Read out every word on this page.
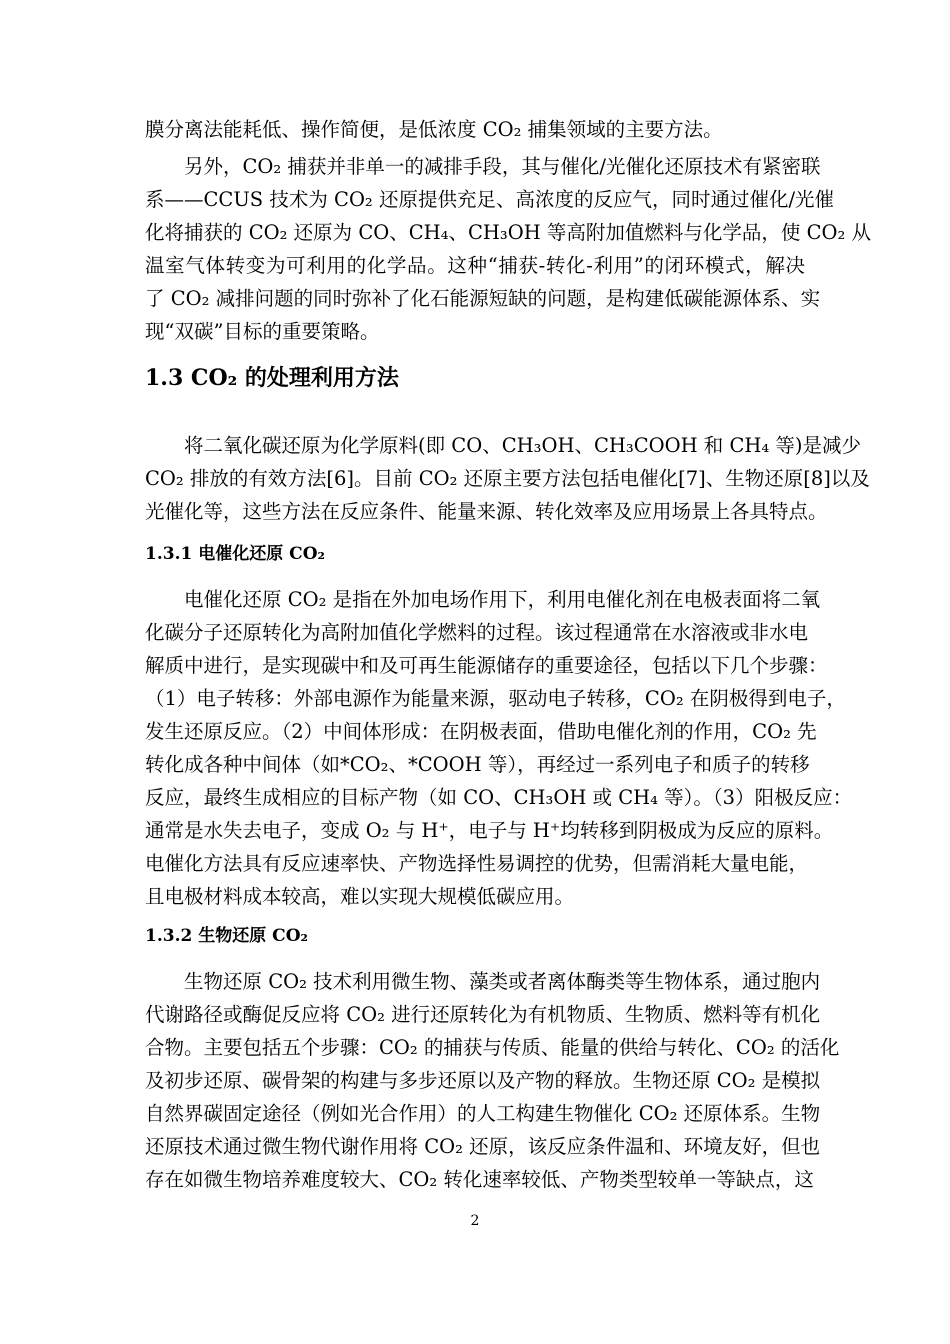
膜分离法能耗低、操作简便，是低浓度 CO₂ 捕集领域的主要方法。
另外，CO₂ 捕获并非单一的减排手段，其与催化/光催化还原技术有紧密联
系——CCUS 技术为 CO₂ 还原提供充足、高浓度的反应气，同时通过催化/光催
化将捕获的 CO₂ 还原为 CO、CH₄、CH₃OH 等高附加值燃料与化学品，使 CO₂ 从
温室气体转变为可利用的化学品。这种“捕获-转化-利用”的闭环模式，解决
了 CO₂ 减排问题的同时弥补了化石能源短缺的问题，是构建低碳能源体系、实
现“双碳”目标的重要策略。
1.3 CO₂ 的处理利用方法
将二氧化碳还原为化学原料(即 CO、CH₃OH、CH₃COOH 和 CH₄ 等)是减少
CO₂ 排放的有效方法[6]。目前 CO₂ 还原主要方法包括电催化[7]、生物还原[8]以及
光催化等，这些方法在反应条件、能量来源、转化效率及应用场景上各具特点。
1.3.1 电催化还原 CO₂
电催化还原 CO₂ 是指在外加电场作用下，利用电催化剂在电极表面将二氧
化碳分子还原转化为高附加值化学燃料的过程。该过程通常在水溶液或非水电
解质中进行，是实现碳中和及可再生能源储存的重要途径，包括以下几个步骤：
（1）电子转移：外部电源作为能量来源，驱动电子转移，CO₂ 在阴极得到电子，
发生还原反应。（2）中间体形成：在阴极表面，借助电催化剂的作用，CO₂ 先
转化成各种中间体（如*CO₂、*COOH 等），再经过一系列电子和质子的转移
反应，最终生成相应的目标产物（如 CO、CH₃OH 或 CH₄ 等）。（3）阳极反应：
通常是水失去电子，变成 O₂ 与 H⁺，电子与 H⁺均转移到阴极成为反应的原料。
电催化方法具有反应速率快、产物选择性易调控的优势，但需消耗大量电能，
且电极材料成本较高，难以实现大规模低碳应用。
1.3.2 生物还原 CO₂
生物还原 CO₂ 技术利用微生物、藻类或者离体酶类等生物体系，通过胞内
代谢路径或酶促反应将 CO₂ 进行还原转化为有机物质、生物质、燃料等有机化
合物。主要包括五个步骤：CO₂ 的捕获与传质、能量的供给与转化、CO₂ 的活化
及初步还原、碳骨架的构建与多步还原以及产物的释放。生物还原 CO₂ 是模拟
自然界碳固定途径（例如光合作用）的人工构建生物催化 CO₂ 还原体系。生物
还原技术通过微生物代谢作用将 CO₂ 还原，该反应条件温和、环境友好，但也
存在如微生物培养难度较大、CO₂ 转化速率较低、产物类型较单一等缺点，这
2
